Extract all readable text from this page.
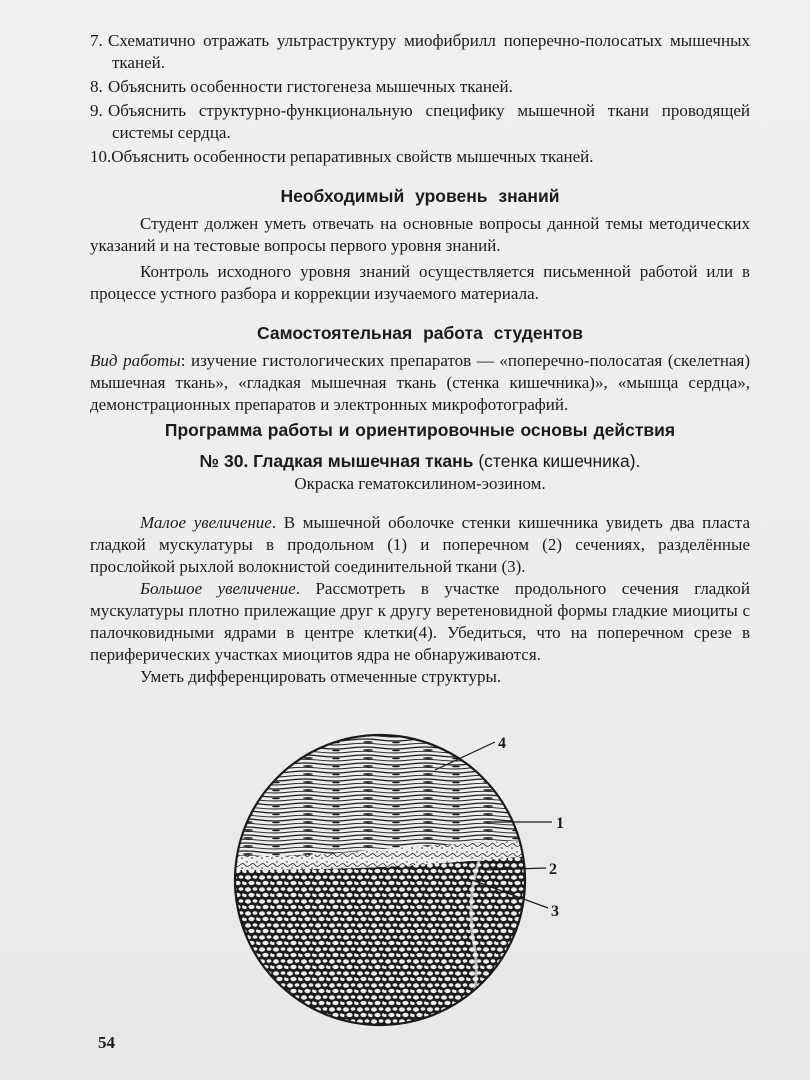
7. Схематично отражать ультраструктуру миофибрилл поперечно-полосатых мышечных тканей.

8. Объяснить особенности гистогенеза мышечных тканей.

9. Объяснить структурно-функциональную специфику мышечной ткани проводящей системы сердца.

10.Объяснить особенности репаративных свойств мышечных тканей.

Необходимый уровень знаний

Студент должен уметь отвечать на основные вопросы данной темы методических указаний и на тестовые вопросы первого уровня знаний.

Контроль исходного уровня знаний осуществляется письменной работой или в процессе устного разбора и коррекции изучаемого материала.

Самостоятельная работа студентов

Вид работы: изучение гистологических препаратов — «поперечно-полосатая (скелетная) мышечная ткань», «гладкая мышечная ткань (стенка кишечника)», «мышца сердца», демонстрационных препаратов и электронных микрофотографий.

Программа работы и ориентировочные основы действия
№ 30. Гладкая мышечная ткань (стенка кишечника).
Окраска гематоксилином-эозином.

Малое увеличение. В мышечной оболочке стенки кишечника увидеть два пласта гладкой мускулатуры в продольном (1) и поперечном (2) сечениях, разделённые прослойкой рыхлой волокнистой соединительной ткани (3).

Большое увеличение. Рассмотреть в участке продольного сечения гладкой мускулатуры плотно прилежащие друг к другу веретеновидной формы гладкие миоциты с палочковидными ядрами в центре клетки(4). Убедиться, что на поперечном срезе в периферических участках миоцитов ядра не обнаруживаются.

Уметь дифференцировать отмеченные структуры.

4
1
2
3
54
